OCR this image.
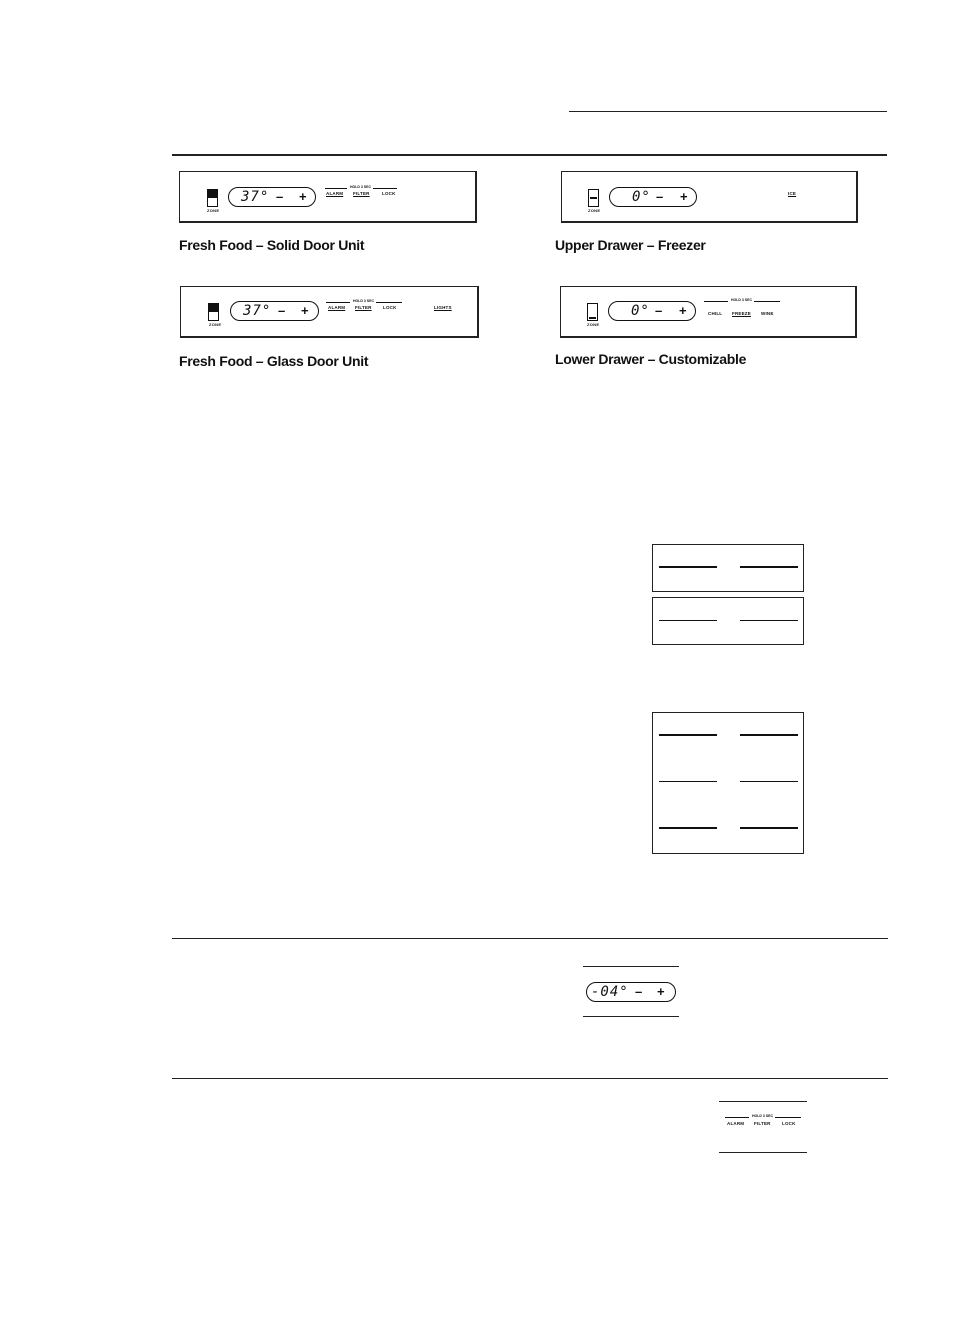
ZONE
37° – +
HOLD 3 SEC
ALARM FILTER	LOCK
Fresh Food – Solid Door Unit
ZONE
0° – +	ICE
Upper Drawer – Freezer
ZONE
37° – +
HOLD 3 SEC
ALARM FILTER	LOCK	LIGHTS
Fresh Food – Glass Door Unit
ZONE
0° – +
HOLD 3 SEC
CHILL FREEZE WINE
Lower Drawer – Customizable
-04° – +
HOLD 3 SEC
ALARM FILTER	LOCK
